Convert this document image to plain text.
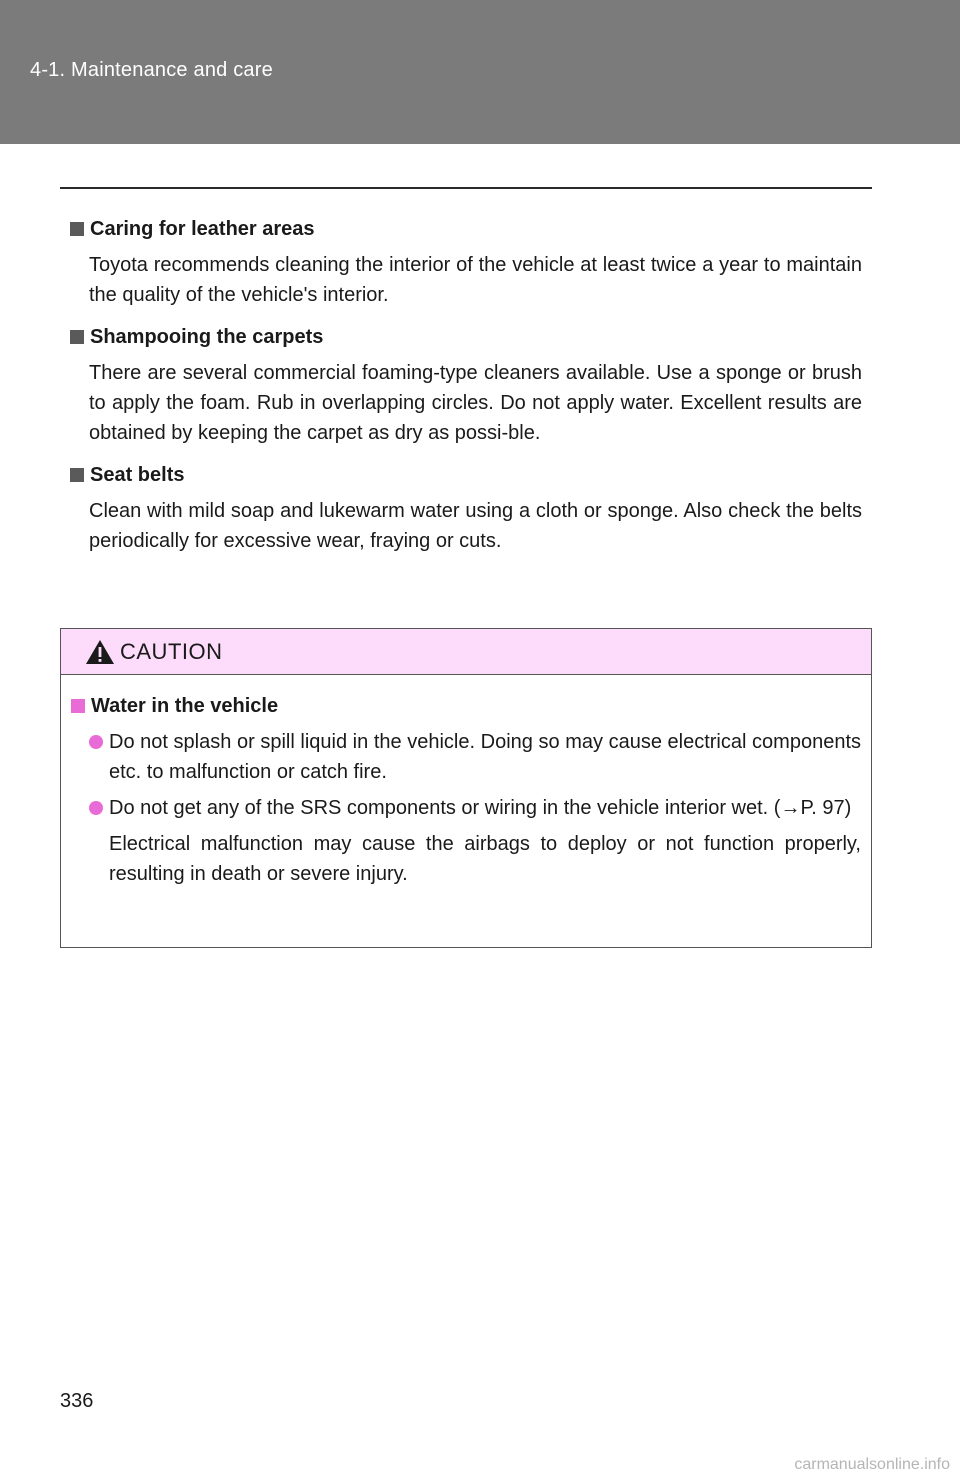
4-1. Maintenance and care

Caring for leather areas

Toyota recommends cleaning the interior of the vehicle at least twice a year to maintain the quality of the vehicle's interior.

Shampooing the carpets

There are several commercial foaming-type cleaners available. Use a sponge or brush to apply the foam. Rub in overlapping circles. Do not apply water. Excellent results are obtained by keeping the carpet as dry as possi-ble.

Seat belts

Clean with mild soap and lukewarm water using a cloth or sponge. Also check the belts periodically for excessive wear, fraying or cuts.

CAUTION
Water in the vehicle
Do not splash or spill liquid in the vehicle. Doing so may cause electrical components etc. to malfunction or catch fire.
Do not get any of the SRS components or wiring in the vehicle interior wet. (→P. 97)
Electrical malfunction may cause the airbags to deploy or not function properly, resulting in death or severe injury.
336
carmanualsonline.info
